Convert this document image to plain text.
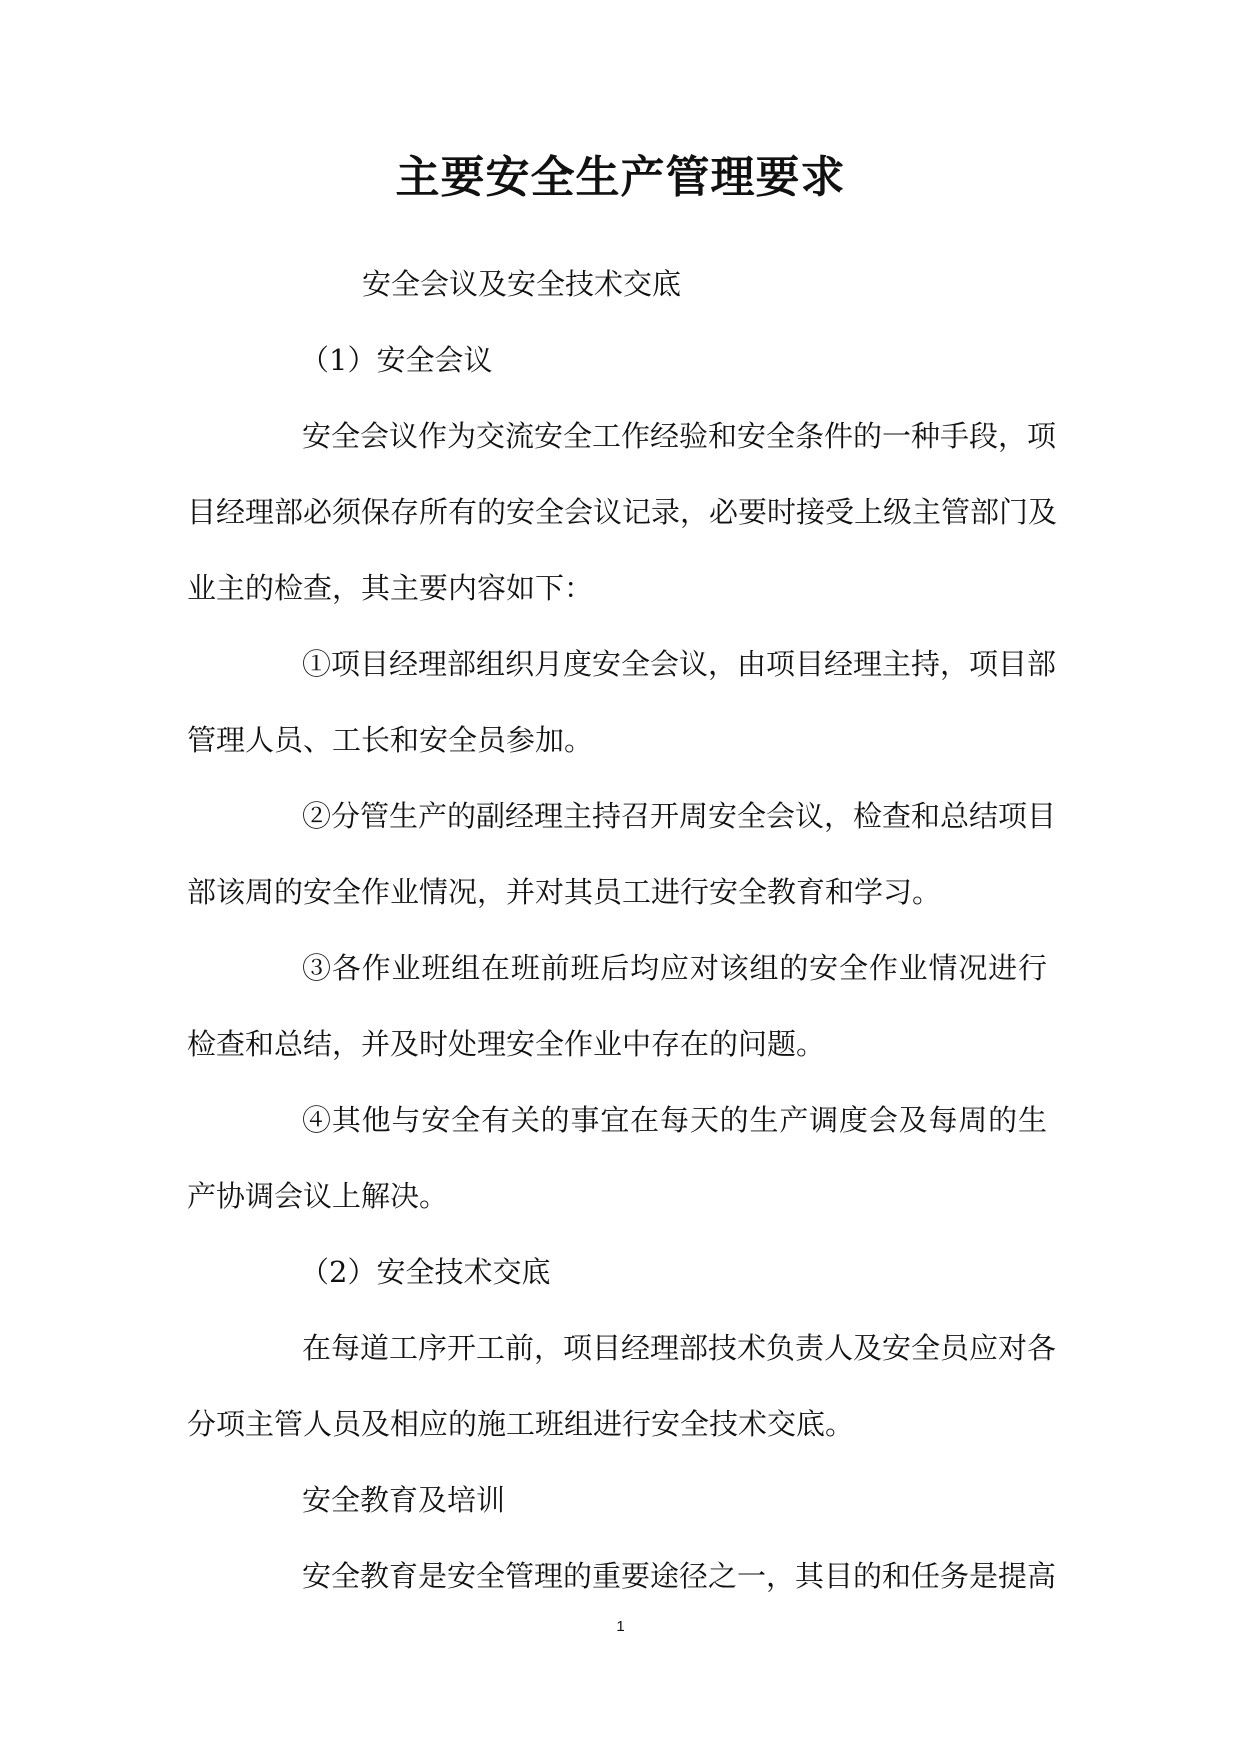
主要安全生产管理要求
安全会议及安全技术交底
（1）安全会议
安全会议作为交流安全工作经验和安全条件的一种手段，项
目经理部必须保存所有的安全会议记录，必要时接受上级主管部门及
业主的检查，其主要内容如下：
①项目经理部组织月度安全会议，由项目经理主持，项目部
管理人员、工长和安全员参加。
②分管生产的副经理主持召开周安全会议，检查和总结项目
部该周的安全作业情况，并对其员工进行安全教育和学习。
③各作业班组在班前班后均应对该组的安全作业情况进行
检查和总结，并及时处理安全作业中存在的问题。
④其他与安全有关的事宜在每天的生产调度会及每周的生
产协调会议上解决。
（2）安全技术交底
在每道工序开工前，项目经理部技术负责人及安全员应对各
分项主管人员及相应的施工班组进行安全技术交底。
安全教育及培训
安全教育是安全管理的重要途径之一，其目的和任务是提高
1
